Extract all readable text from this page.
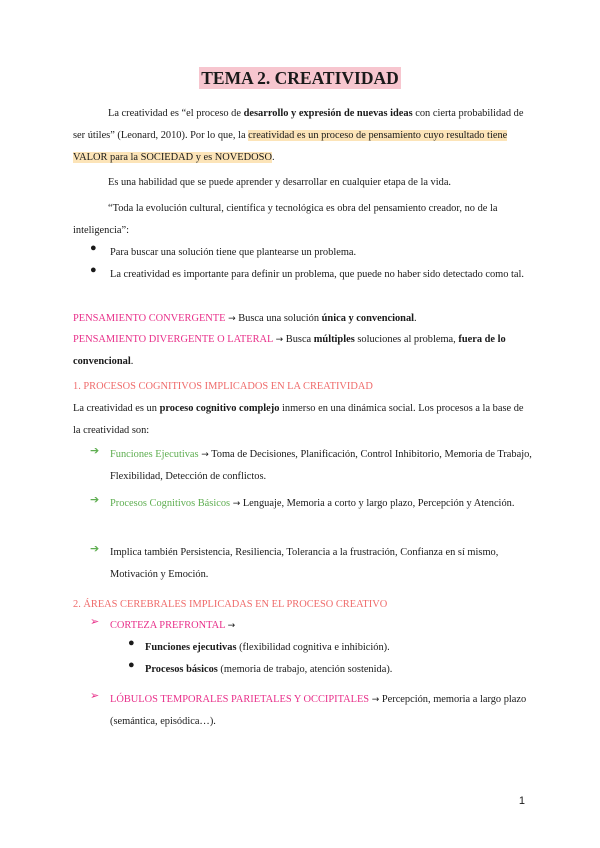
TEMA 2. CREATIVIDAD
La creatividad es “el proceso de desarrollo y expresión de nuevas ideas con cierta probabilidad de ser útiles” (Leonard, 2010). Por lo que, la creatividad es un proceso de pensamiento cuyo resultado tiene VALOR para la SOCIEDAD y es NOVEDOSO.
Es una habilidad que se puede aprender y desarrollar en cualquier etapa de la vida.
“Toda la evolución cultural, científica y tecnológica es obra del pensamiento creador, no de la inteligencia”:
● Para buscar una solución tiene que plantearse un problema.
● La creatividad es importante para definir un problema, que puede no haber sido detectado como tal.
PENSAMIENTO CONVERGENTE → Busca una solución única y convencional.
PENSAMIENTO DIVERGENTE O LATERAL → Busca múltiples soluciones al problema, fuera de lo convencional.
1. PROCESOS COGNITIVOS IMPLICADOS EN LA CREATIVIDAD
La creatividad es un proceso cognitivo complejo inmerso en una dinámica social. Los procesos a la base de la creatividad son:
➔ Funciones Ejecutivas → Toma de Decisiones, Planificación, Control Inhibitorio, Memoria de Trabajo, Flexibilidad, Detección de conflictos.
➔ Procesos Cognitivos Básicos → Lenguaje, Memoria a corto y largo plazo, Percepción y Atención.
➔ Implica también Persistencia, Resiliencia, Tolerancia a la frustración, Confianza en sí mismo, Motivación y Emoción.
2. ÁREAS CEREBRALES IMPLICADAS EN EL PROCESO CREATIVO
➢ CORTEZA PREFRONTAL →
● Funciones ejecutivas (flexibilidad cognitiva e inhibición).
● Procesos básicos (memoria de trabajo, atención sostenida).
➢ LÓBULOS TEMPORALES PARIETALES Y OCCIPITALES → Percepción, memoria a largo plazo (semántica, episódica…).
1
